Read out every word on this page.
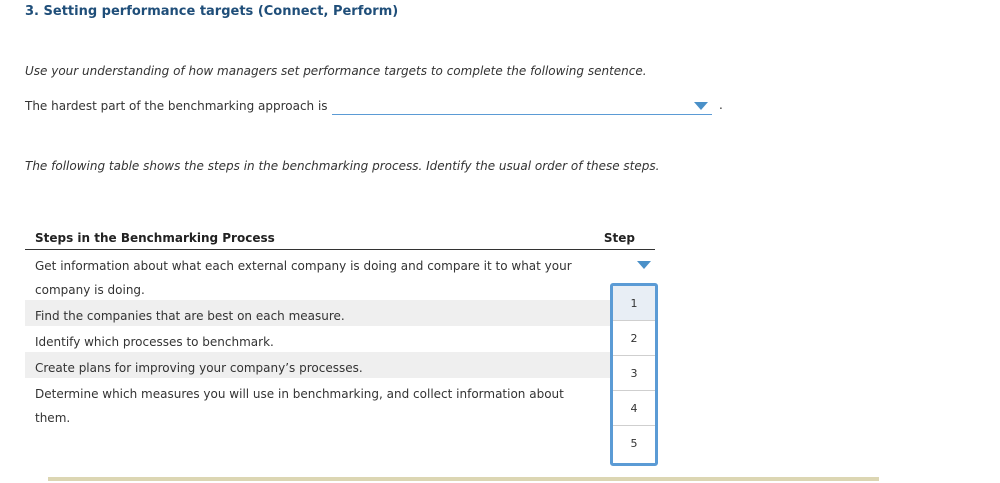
3. Setting performance targets (Connect, Perform)
Use your understanding of how managers set performance targets to complete the following sentence.
The hardest part of the benchmarking approach is	.
The following table shows the steps in the benchmarking process. Identify the usual order of these steps.
Steps in the Benchmarking Process	Step
Get information about what each external company is doing and compare it to what your company is doing.
Find the companies that are best on each measure.
Identify which processes to benchmark.
Create plans for improving your company’s processes.
Determine which measures you will use in benchmarking, and collect information about them.
1
2
3
4
5
